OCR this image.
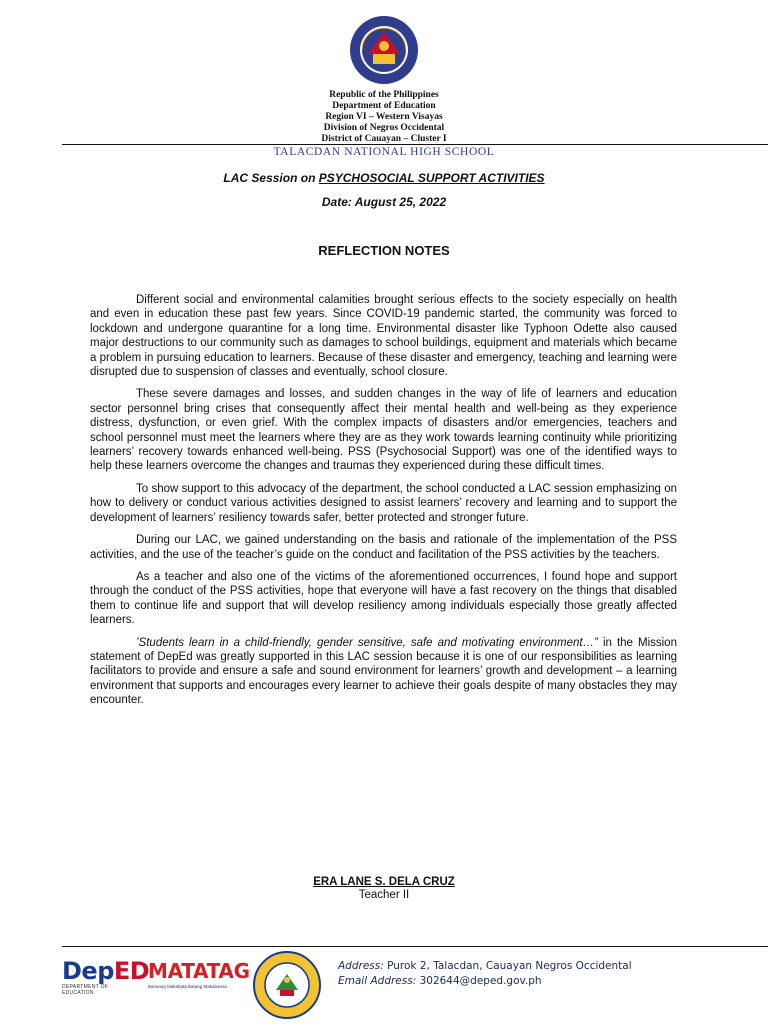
Republic of the Philippines
Department of Education
Region VI – Western Visayas
Division of Negros Occidental
District of Cauayan – Cluster I
TALACDAN NATIONAL HIGH SCHOOL
LAC Session on PSYCHOSOCIAL SUPPORT ACTIVITIES
Date: August 25, 2022
REFLECTION NOTES

Different social and environmental calamities brought serious effects to the society especially on health and even in education these past few years. Since COVID-19 pandemic started, the community was forced to lockdown and undergone quarantine for a long time. Environmental disaster like Typhoon Odette also caused major destructions to our community such as damages to school buildings, equipment and materials which became a problem in pursuing education to learners. Because of these disaster and emergency, teaching and learning were disrupted due to suspension of classes and eventually, school closure.

These severe damages and losses, and sudden changes in the way of life of learners and education sector personnel bring crises that consequently affect their mental health and well-being as they experience distress, dysfunction, or even grief. With the complex impacts of disasters and/or emergencies, teachers and school personnel must meet the learners where they are as they work towards learning continuity while prioritizing learners’ recovery towards enhanced well-being. PSS (Psychosocial Support) was one of the identified ways to help these learners overcome the changes and traumas they experienced during these difficult times.

To show support to this advocacy of the department, the school conducted a LAC session emphasizing on how to delivery or conduct various activities designed to assist learners’ recovery and learning and to support the development of learners’ resiliency towards safer, better protected and stronger future.

During our LAC, we gained understanding on the basis and rationale of the implementation of the PSS activities, and the use of the teacher’s guide on the conduct and facilitation of the PSS activities by the teachers.

As a teacher and also one of the victims of the aforementioned occurrences, I found hope and support through the conduct of the PSS activities, hope that everyone will have a fast recovery on the things that disabled them to continue life and support that will develop resiliency among individuals especially those greatly affected learners.

’Students learn in a child-friendly, gender sensitive, safe and motivating environment…” in the Mission statement of DepEd was greatly supported in this LAC session because it is one of our responsibilities as learning facilitators to provide and ensure a safe and sound environment for learners’ growth and development – a learning environment that supports and encourages every learner to achieve their goals despite of many obstacles they may encounter.

ERA LANE S. DELA CRUZ
Teacher II
DepED
DEPARTMENT OF EDUCATION
MATATAG
Bansang Makabata Batang Makabansa
Address: Purok 2, Talacdan, Cauayan Negros Occidental
Email Address: 302644@deped.gov.ph
